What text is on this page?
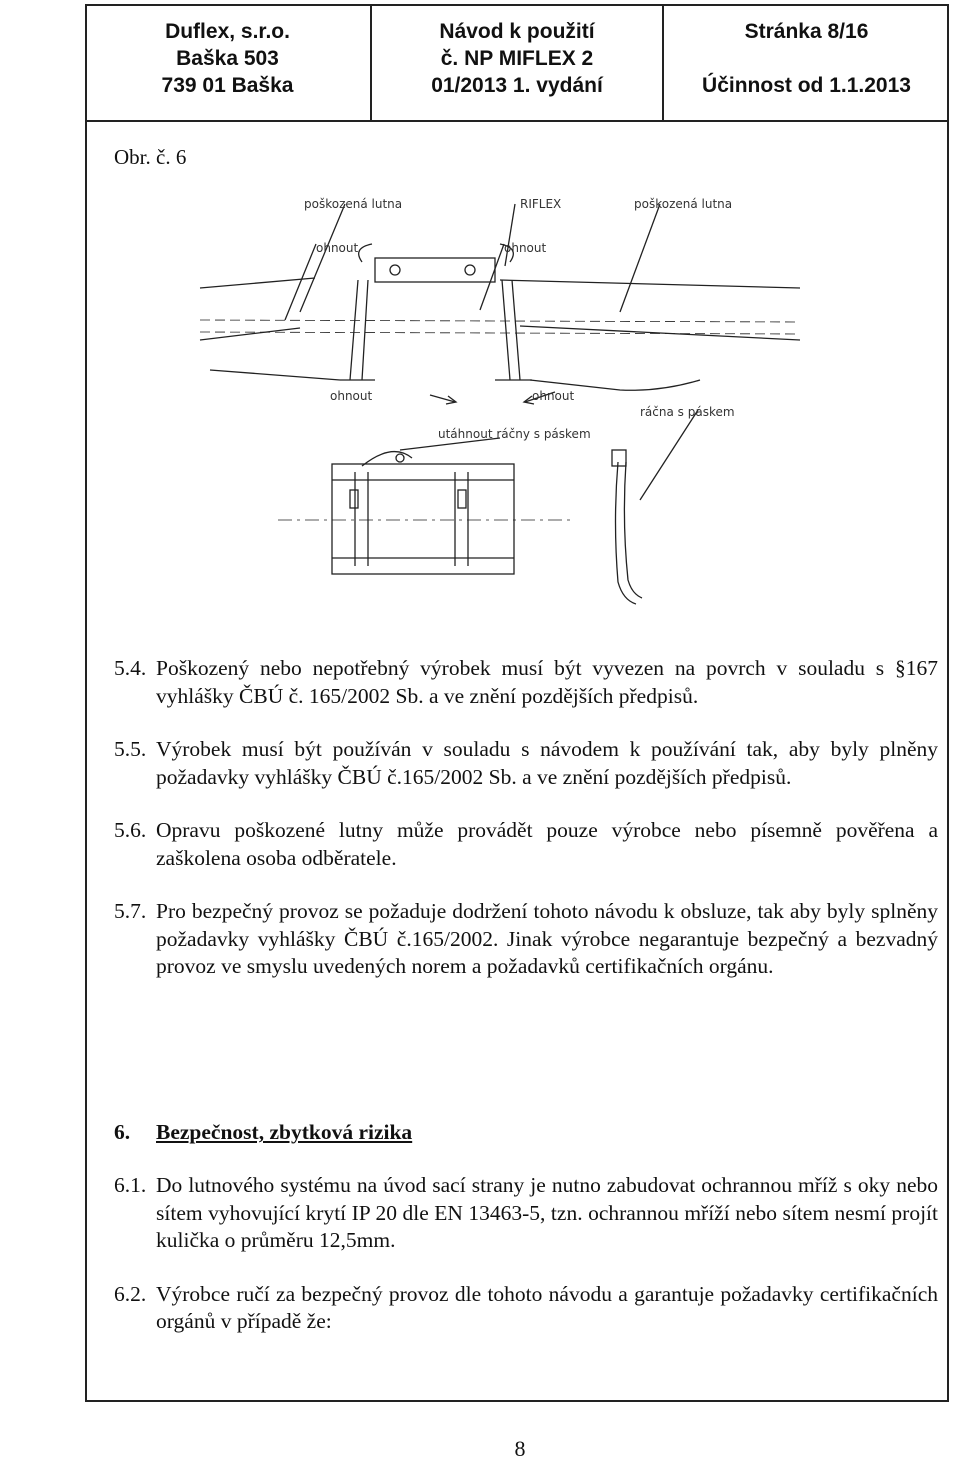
Duflex, s.r.o.
Baška 503
739 01 Baška
Návod k použití
č. NP MIFLEX 2
01/2013 1. vydání
Stránka 8/16

Účinnost od 1.1.2013
Obr. č. 6
poškozená lutna	RIFLEX	poškozená lutna
ohnout	ohnout
ohnout	ohnout
ráčna s páskem
utáhnout ráčny s páskem
5.4. Poškozený nebo nepotřebný výrobek musí být vyvezen na povrch v souladu s §167 vyhlášky ČBÚ č. 165/2002 Sb. a ve znění pozdějších předpisů.
5.5. Výrobek musí být používán v souladu s návodem k používání tak, aby byly plněny požadavky vyhlášky ČBÚ č.165/2002 Sb. a ve znění pozdějších předpisů.
5.6. Opravu poškozené lutny může provádět pouze výrobce nebo písemně pověřena a zaškolena osoba odběratele.
5.7. Pro bezpečný provoz se požaduje dodržení tohoto návodu k obsluze, tak aby byly splněny požadavky vyhlášky ČBÚ č.165/2002. Jinak výrobce negarantuje bezpečný a bezvadný provoz ve smyslu uvedených norem a požadavků certifikačních orgánu.
6. Bezpečnost, zbytková rizika
6.1. Do lutnového systému na úvod sací strany je nutno zabudovat ochrannou mříž s oky nebo sítem vyhovující krytí IP 20 dle EN 13463-5, tzn. ochrannou mříží nebo sítem nesmí projít kulička o průměru 12,5mm.
6.2. Výrobce ručí za bezpečný provoz dle tohoto návodu a garantuje požadavky certifikačních orgánů v případě že:
8
